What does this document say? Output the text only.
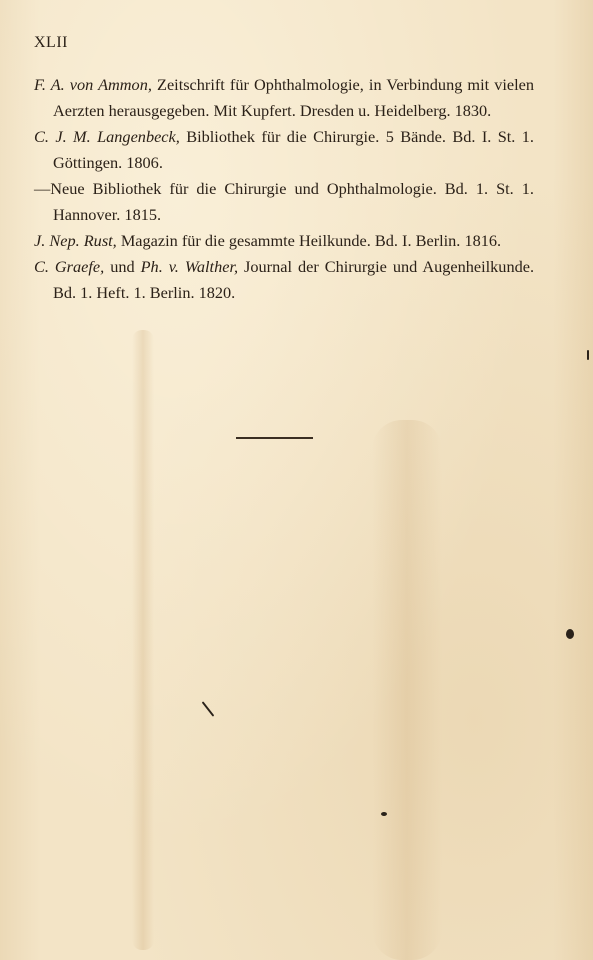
XLII
F. A. von Ammon, Zeitschrift für Ophthalmologie, in Verbindung mit vielen Aerzten herausgegeben. Mit Kupfert. Dresden u. Heidelberg. 1830.
C. J. M. Langenbeck, Bibliothek für die Chirurgie. 5 Bände. Bd. I. St. 1. Göttingen. 1806.
—Neue Bibliothek für die Chirurgie und Ophthalmologie. Bd. 1. St. 1. Hannover. 1815.
J. Nep. Rust, Magazin für die gesammte Heilkunde. Bd. I. Berlin. 1816.
C. Graefe, und Ph. v. Walther, Journal der Chirurgie und Augenheilkunde. Bd. 1. Heft. 1. Berlin. 1820.
